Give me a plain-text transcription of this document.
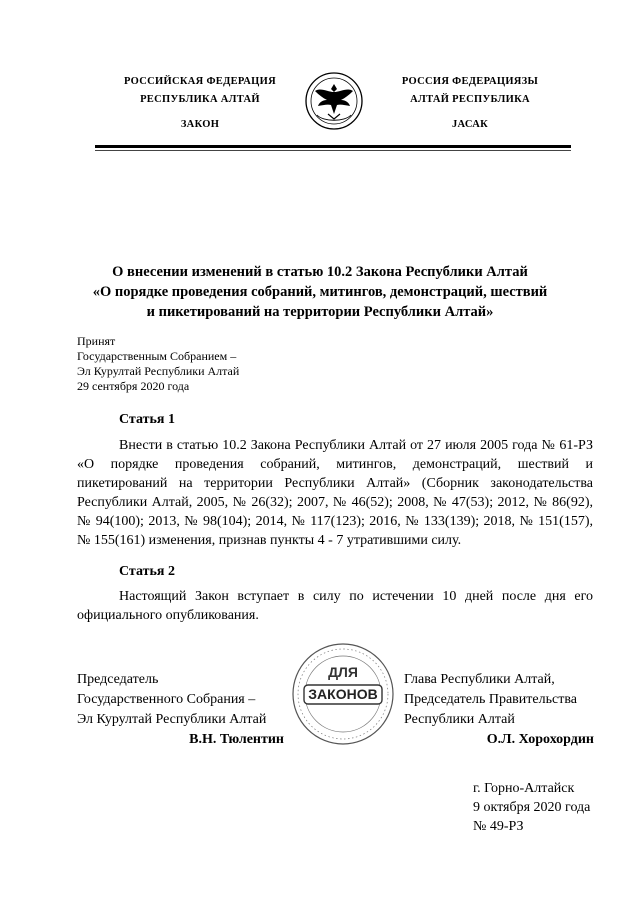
РОССИЙСКАЯ ФЕДЕРАЦИЯ
РЕСПУБЛИКА АЛТАЙ
ЗАКОН
РОССИЯ ФЕДЕРАЦИЯЗЫ
АЛТАЙ РЕСПУБЛИКА
JАСАК
О внесении изменений в статью 10.2 Закона Республики Алтай
«О порядке проведения собраний, митингов, демонстраций, шествий
и пикетирований на территории Республики Алтай»
Принят
Государственным Собранием –
Эл Курултай Республики Алтай
29 сентября 2020 года
Статья 1
Внести в статью 10.2 Закона Республики Алтай от 27 июля 2005 года № 61-РЗ «О порядке проведения собраний, митингов, демонстраций, шествий и пикетирований на территории Республики Алтай» (Сборник законодательства Республики Алтай, 2005, № 26(32); 2007, № 46(52); 2008, № 47(53); 2012, № 86(92), № 94(100); 2013, № 98(104); 2014, № 117(123); 2016, № 133(139); 2018, № 151(157), № 155(161) изменения, признав пункты 4 - 7 утратившими силу.
Статья 2
Настоящий Закон вступает в силу по истечении 10 дней после дня его официального опубликования.
Председатель
Государственного Собрания –
Эл Курултай Республики Алтай
В.Н. Тюлентин
ДЛЯ
ЗАКОНОВ
Глава Республики Алтай,
Председатель Правительства
Республики Алтай
О.Л. Хорохордин
г. Горно-Алтайск
9 октября 2020 года
№ 49-РЗ
